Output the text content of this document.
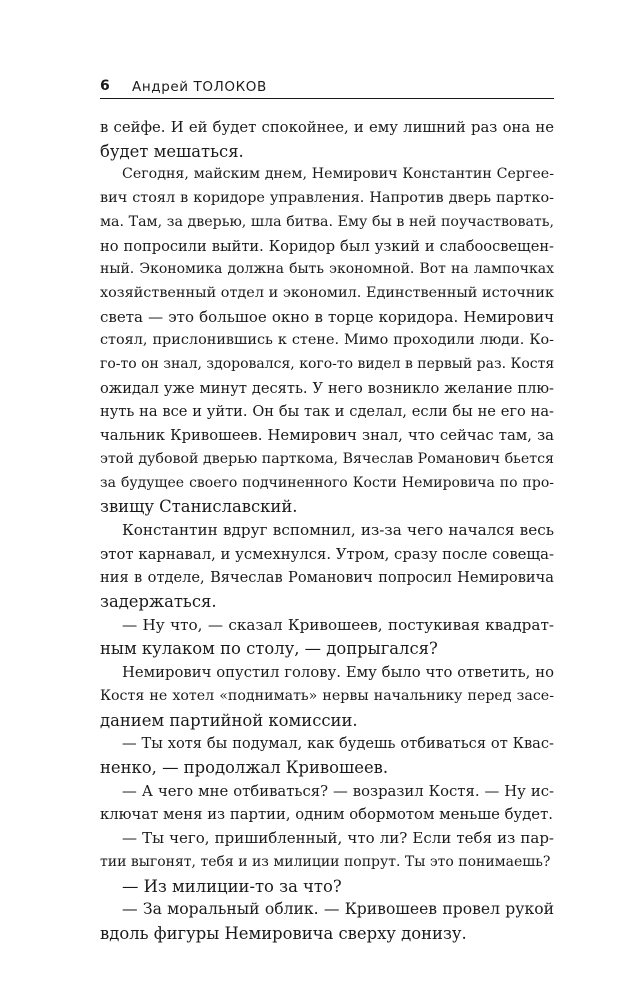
6 Андрей ТОЛОКОВ
в сейфе. И ей будет спокойнее, и ему лишний раз она не
будет мешаться.
Сегодня, майским днем, Немирович Константин Сергее-
вич стоял в коридоре управления. Напротив дверь парткo-
ма. Там, за дверью, шла битва. Ему бы в ней поучаствовать,
но попросили выйти. Коридор был узкий и слабоосвещен-
ный. Экономика должна быть экономной. Вот на лампочках
хозяйственный отдел и экономил. Единственный источник
света — это большое окно в торце коридора. Немирович
стоял, прислонившись к стене. Мимо проходили люди. Ко-
го-то он знал, здоровался, кого-то видел в первый раз. Костя
ожидал уже минут десять. У него возникло желание плю-
нуть на все и уйти. Он бы так и сделал, если бы не его на-
чальник Кривошеев. Немирович знал, что сейчас там, за
этой дубовой дверью парткома, Вячеслав Романович бьется
за будущее своего подчиненного Кости Немировича по про-
звищу Станиславский.
Константин вдруг вспомнил, из-за чего начался весь
этот карнавал, и усмехнулся. Утром, сразу после совеща-
ния в отделе, Вячеслав Романович попросил Немировича
задержаться.
— Ну что, — сказал Кривошеев, постукивая квадрат-
ным кулаком по столу, — допрыгался?
Немирович опустил голову. Ему было что ответить, но
Костя не хотел «поднимать» нервы начальнику перед засе-
данием партийной комиссии.
— Ты хотя бы подумал, как будешь отбиваться от Квас-
ненко, — продолжал Кривошеев.
— А чего мне отбиваться? — возразил Костя. — Ну ис-
ключат меня из партии, одним обормотом меньше будет.
— Ты чего, пришибленный, что ли? Если тебя из пар-
тии выгонят, тебя и из милиции попрут. Ты это понимаешь?
— Из милиции-то за что?
— За моральный облик. — Кривошеев провел рукой
вдоль фигуры Немировича сверху донизу.
